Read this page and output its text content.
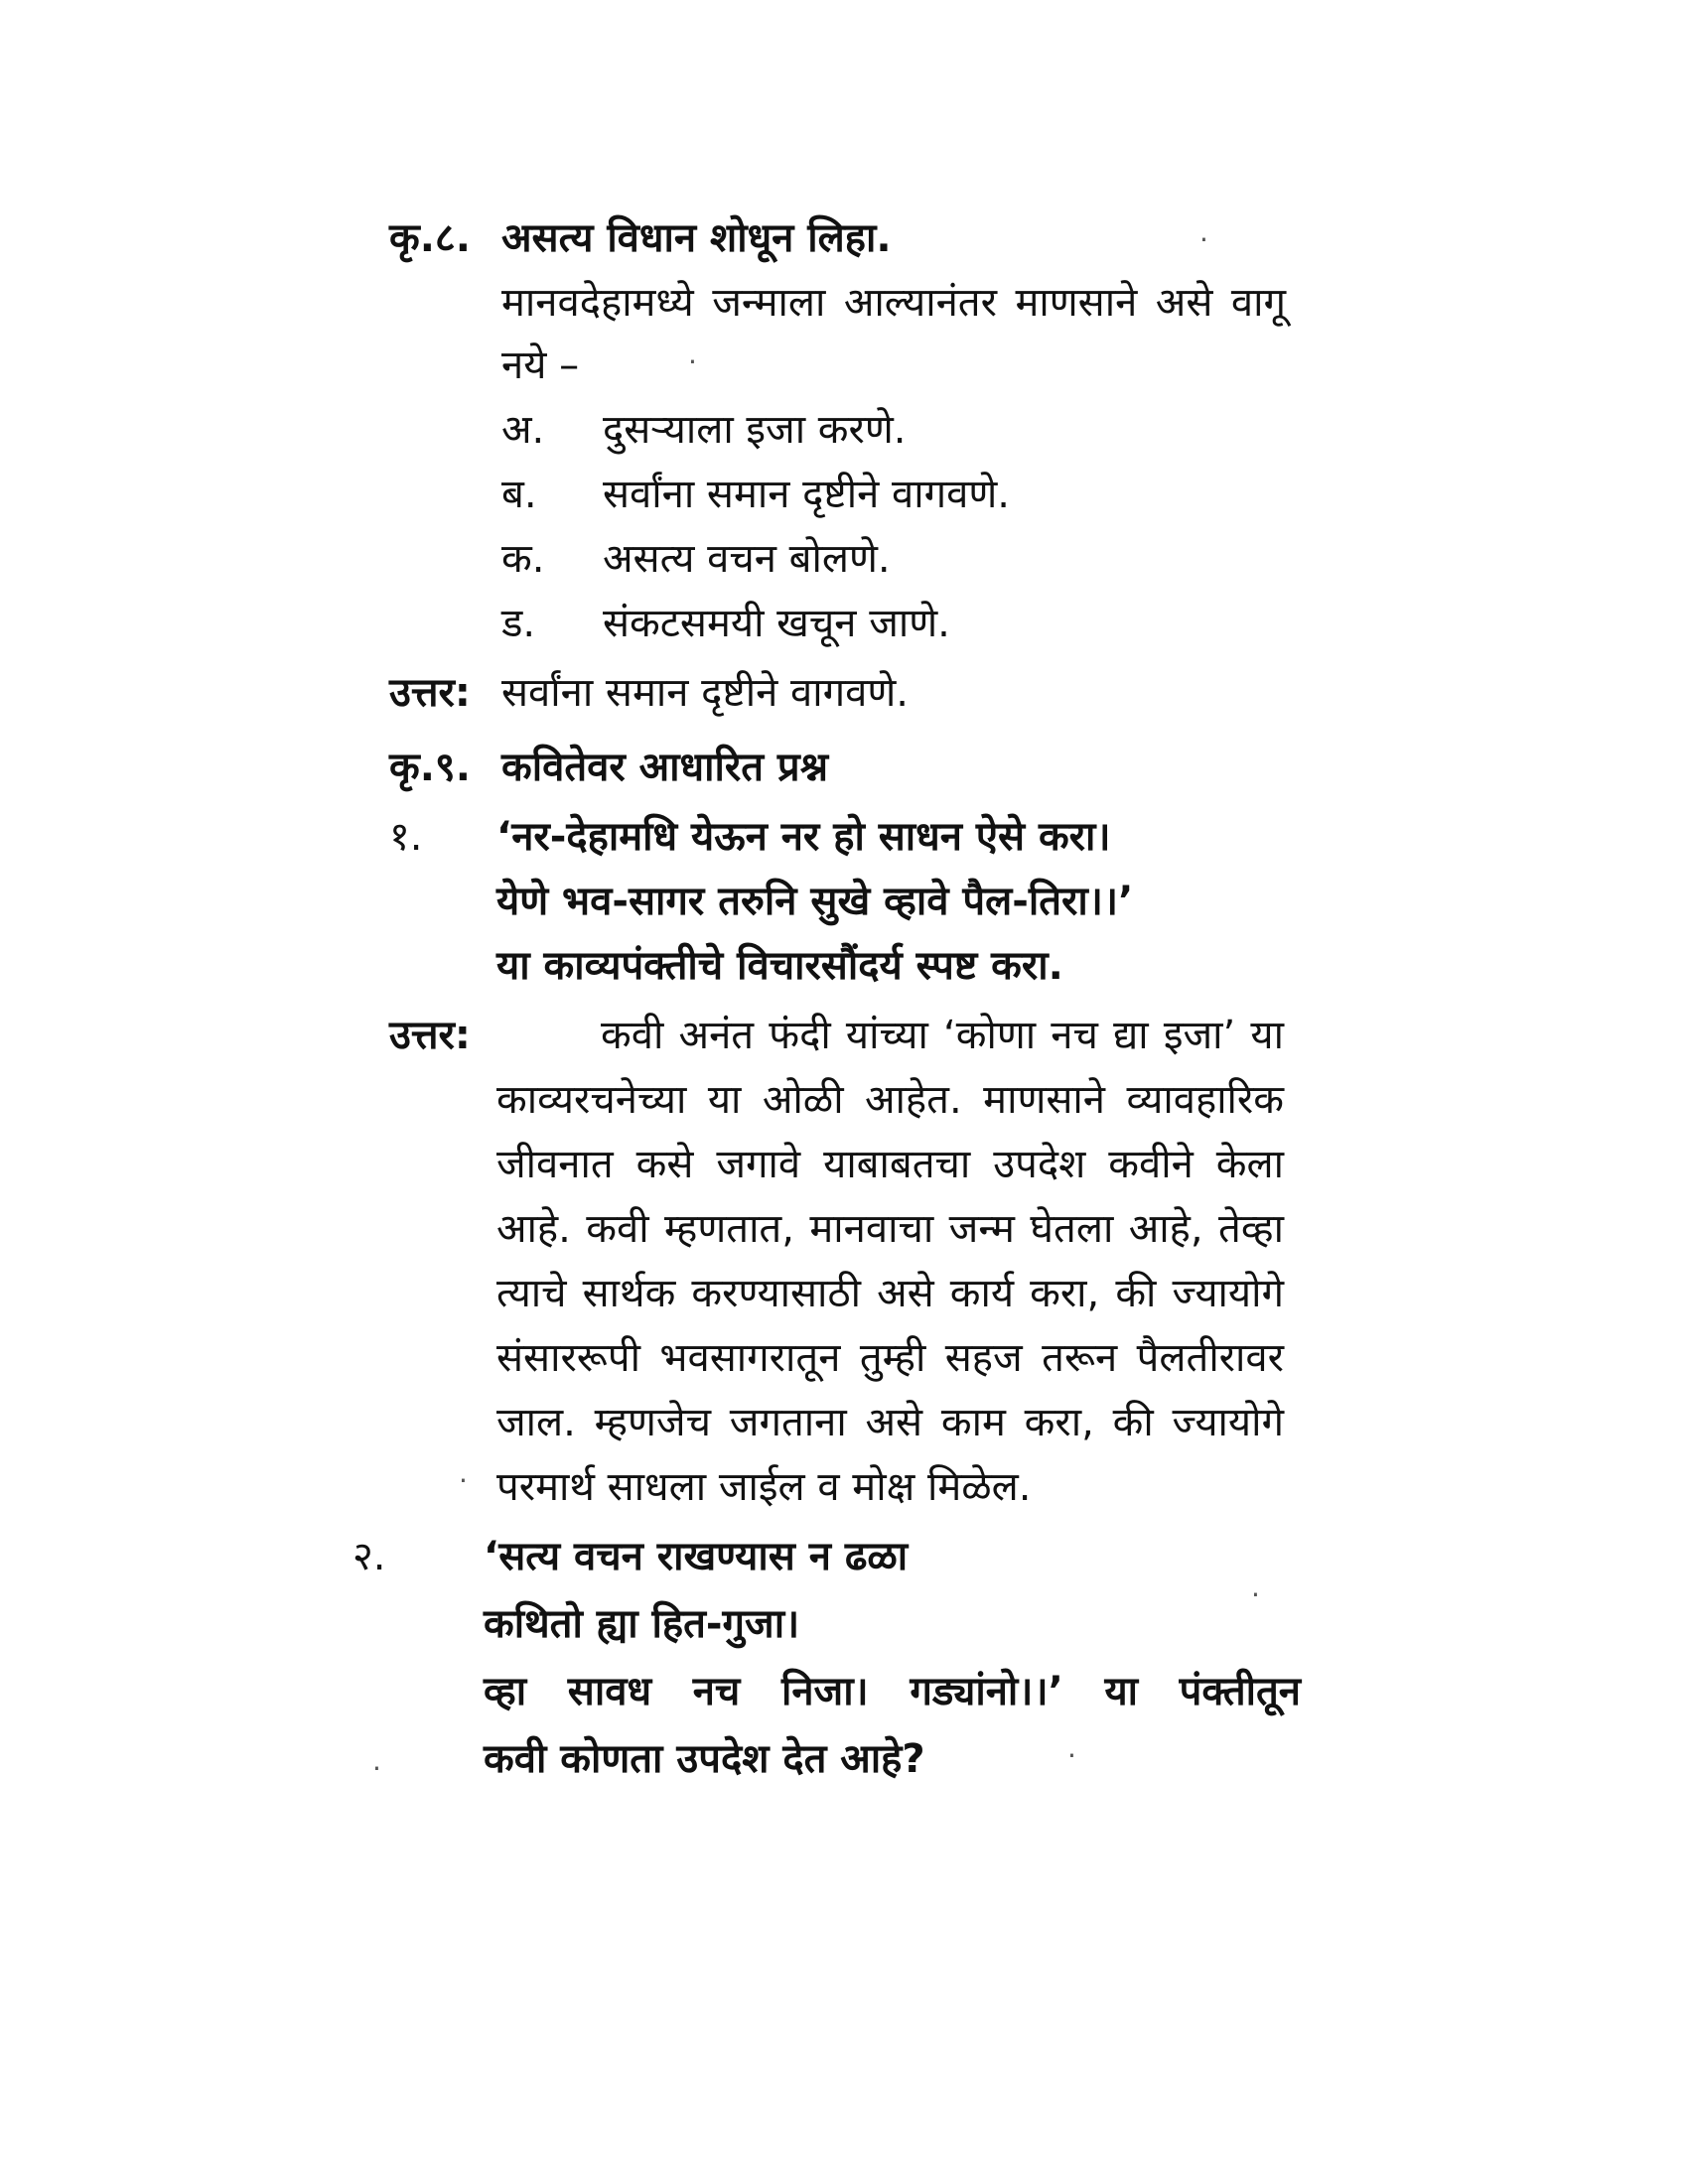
कृ.८. असत्य विधान शोधून लिहा.
मानवदेहामध्ये जन्माला आल्यानंतर माणसाने असे वागू
नये –
अ. दुसऱ्याला इजा करणे.
ब. सर्वांना समान दृष्टीने वागवणे.
क. असत्य वचन बोलणे.
ड. संकटसमयी खचून जाणे.
उत्तर: सर्वांना समान दृष्टीने वागवणे.
कृ.९. कवितेवर आधारित प्रश्न
१. ‘नर-देहामधि येऊन नर हो साधन ऐसे करा।
येणे भव-सागर तरुनि सुखे व्हावे पैल-तिरा।।’
या काव्यपंक्तीचे विचारसौंदर्य स्पष्ट करा.
उत्तर:	कवी अनंत फंदी यांच्या ‘कोणा नच द्या इजा’ या
काव्यरचनेच्या या ओळी आहेत. माणसाने व्यावहारिक
जीवनात कसे जगावे याबाबतचा उपदेश कवीने केला
आहे. कवी म्हणतात, मानवाचा जन्म घेतला आहे, तेव्हा
त्याचे सार्थक करण्यासाठी असे कार्य करा, की ज्यायोगे
संसाररूपी भवसागरातून तुम्ही सहज तरून पैलतीरावर
जाल. म्हणजेच जगताना असे काम करा, की ज्यायोगे
परमार्थ साधला जाईल व मोक्ष मिळेल.
२. ‘सत्य वचन राखण्यास न ढळा
कथितो ह्या हित-गुजा।
व्हा सावध नच निजा। गड्यांनो।।’ या पंक्तीतून
कवी कोणता उपदेश देत आहे?
·
·
·
·
·
·
